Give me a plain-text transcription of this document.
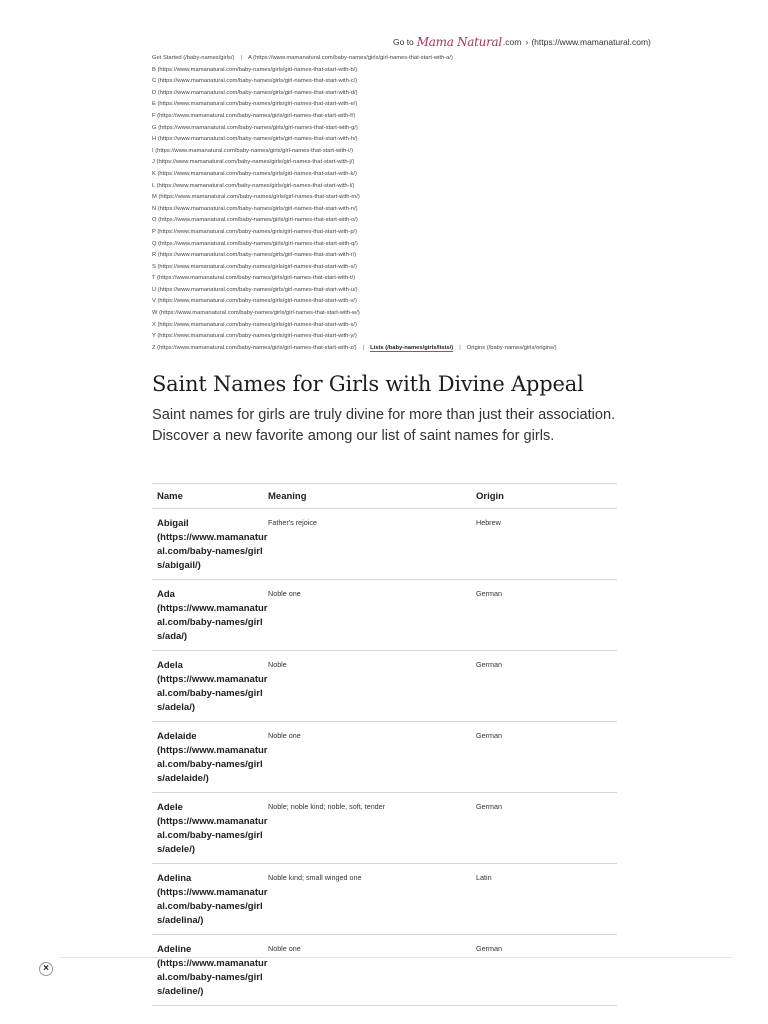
Go to Mama Natural .com › (https://www.mamanatural.com)
Get Started (/baby-names/girls/) | A (https://www.mamanatural.com/baby-names/girls/girl-names-that-start-with-a/)
B (https://www.mamanatural.com/baby-names/girls/girl-names-that-start-with-b/)
C (https://www.mamanatural.com/baby-names/girls/girl-names-that-start-with-c/)
D (https://www.mamanatural.com/baby-names/girls/girl-names-that-start-with-d/)
E (https://www.mamanatural.com/baby-names/girls/girl-names-that-start-with-e/)
F (https://www.mamanatural.com/baby-names/girls/girl-names-that-start-with-f/)
G (https://www.mamanatural.com/baby-names/girls/girl-names-that-start-with-g/)
H (https://www.mamanatural.com/baby-names/girls/girl-names-that-start-with-h/)
I (https://www.mamanatural.com/baby-names/girls/girl-names-that-start-with-i/)
J (https://www.mamanatural.com/baby-names/girls/girl-names-that-start-with-j/)
K (https://www.mamanatural.com/baby-names/girls/girl-names-that-start-with-k/)
L (https://www.mamanatural.com/baby-names/girls/girl-names-that-start-with-l/)
M (https://www.mamanatural.com/baby-names/girls/girl-names-that-start-with-m/)
N (https://www.mamanatural.com/baby-names/girls/girl-names-that-start-with-n/)
O (https://www.mamanatural.com/baby-names/girls/girl-names-that-start-with-o/)
P (https://www.mamanatural.com/baby-names/girls/girl-names-that-start-with-p/)
Q (https://www.mamanatural.com/baby-names/girls/girl-names-that-start-with-q/)
R (https://www.mamanatural.com/baby-names/girls/girl-names-that-start-with-r/)
S (https://www.mamanatural.com/baby-names/girls/girl-names-that-start-with-s/)
T (https://www.mamanatural.com/baby-names/girls/girl-names-that-start-with-t/)
U (https://www.mamanatural.com/baby-names/girls/girl-names-that-start-with-u/)
V (https://www.mamanatural.com/baby-names/girls/girl-names-that-start-with-v/)
W (https://www.mamanatural.com/baby-names/girls/girl-names-that-start-with-w/)
X (https://www.mamanatural.com/baby-names/girls/girl-names-that-start-with-x/)
Y (https://www.mamanatural.com/baby-names/girls/girl-names-that-start-with-y/)
Z (https://www.mamanatural.com/baby-names/girls/girl-names-that-start-with-z/) | Lists (/baby-names/girls/lists/) | Origins (/baby-names/girls/origins/)
Saint Names for Girls with Divine Appeal

Saint names for girls are truly divine for more than just their association. Discover a new favorite among our list of saint names for girls.

Name	Meaning	Origin
Abigail
(https://www.mamanatural.com/baby-names/girls/abigail/)
Father's rejoice	Hebrew
Ada
(https://www.mamanatural.com/baby-names/girls/ada/)
Noble one	German
Adela
(https://www.mamanatural.com/baby-names/girls/adela/)
Noble	German
Adelaide
(https://www.mamanatural.com/baby-names/girls/adelaide/)
Noble one	German
Adele
(https://www.mamanatural.com/baby-names/girls/adele/)
Noble; noble kind; noble, soft, tender	German
Adelina
(https://www.mamanatural.com/baby-names/girls/adelina/)
Noble kind; small winged one	Latin
Adeline
(https://www.mamanatural.com/baby-names/girls/adeline/)
Noble one	German
×
